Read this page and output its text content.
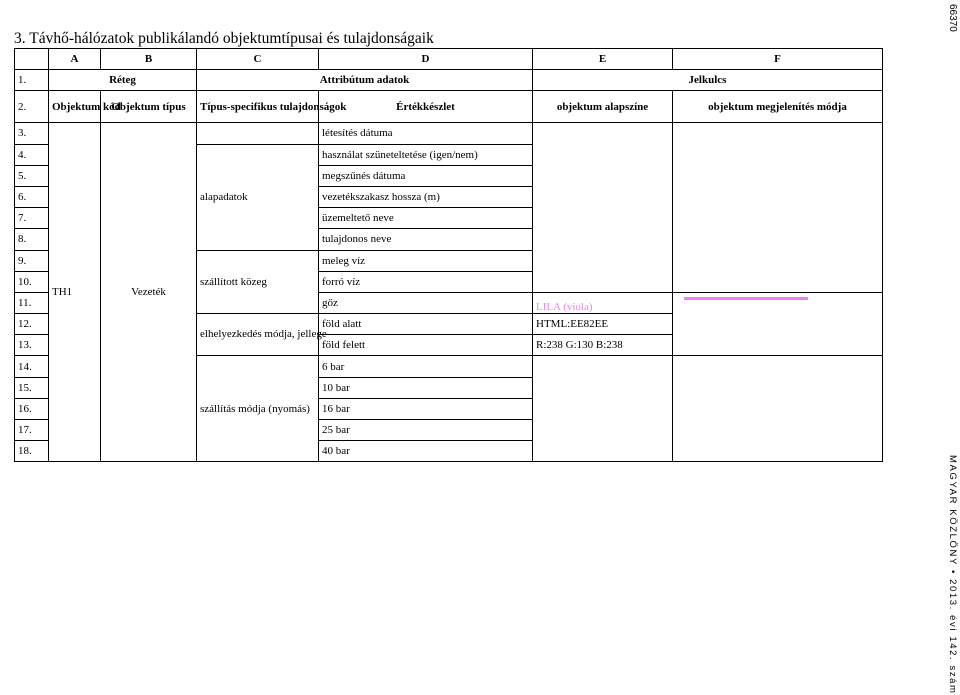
3. Távhő-hálózatok publikálandó objektumtípusai és tulajdonságaik
66370
MAGYAR KÖZLÖNY • 2013. évi 142. szám
	A	B	C	D	E	F
1.	Réteg		Attribútum adatok		Jelkulcs	
2.	Objektum kód	Objektum típus	Típus-specifikus tulajdonságok	Értékkészlet	objektum alapszíne	objektum megjelenítés módja
3.	TH1	Vezeték		létesítés dátuma		
4.			alapadatok	használat szüneteltetése (igen/nem)		
5.				megszűnés dátuma		
6.				vezetékszakasz hossza (m)		
7.				üzemeltető neve		
8.				tulajdonos neve		
9.			szállított közeg	meleg víz		
10.				forró víz		
11.				gőz	LILA (viola)	

12.			elhelyezkedés módja, jellege	föld alatt	HTML:EE82EE	
13.				föld felett	R:238 G:130 B:238	
14.			szállítás módja (nyomás)	6 bar		
15.				10 bar		
16.				16 bar		
17.				25 bar		
18.				40 bar		
